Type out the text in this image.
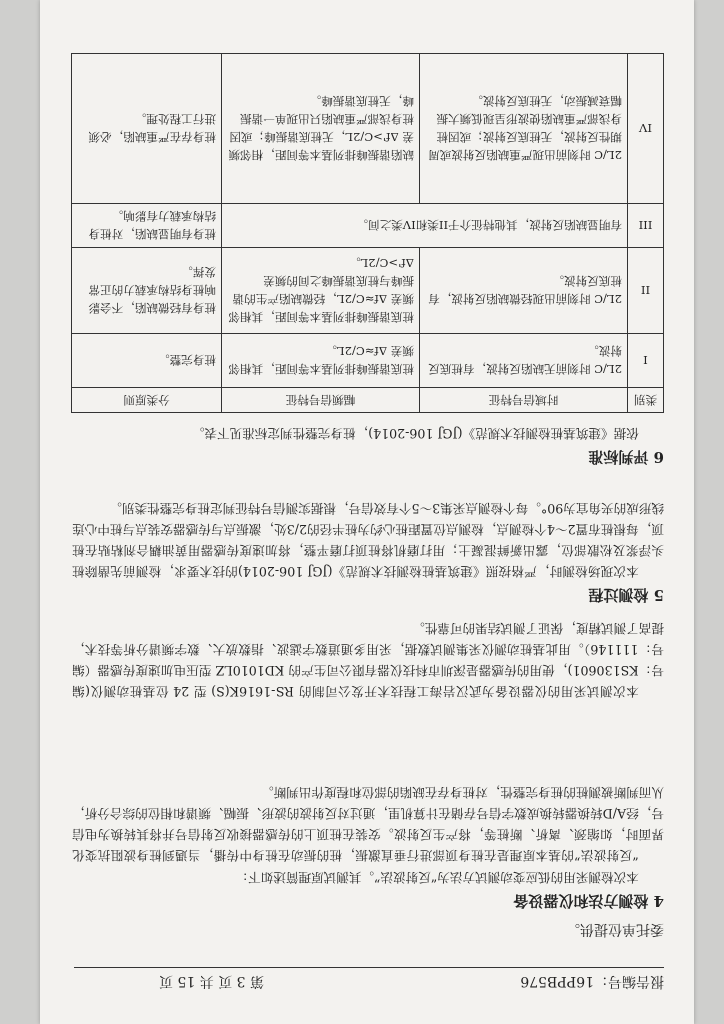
报告编号：16PPB576
第 3 页 共 15 页
委托单位提供。
4 检测方法和仪器设备
本次检测采用的低应变动测试方法为“反射波法”。其测试原理简述如下：
“反射波法”的基本原理是在桩身顶部进行垂直激振，桩的振动在桩身中传播，当遇到桩身波阻抗变化界面时，如缩颈、离析、断桩等，将产生反射波。安装在桩顶上的传感器接收反射信号并将其转换为电信号，经A/D转换器转换成数字信号存储在计算机里，通过对反射波的波形、振幅、频谱和相位的综合分析，从而判断被测桩的桩身完整性，对桩身存在缺陷的部位和程度作出判断。
本次测试采用的仪器设备为武汉岩海工程技术开发公司制的 RS-1616K(S) 型 24 位基桩动测仪(编号：KS130601)，使用的传感器是深圳市科技仪器有限公司生产的 KD1010LZ 型压电加速度传感器（编号：111146）。用此基桩动测仪采集测试数据，采用多通道数字滤波、指数放大、数字频谱分析等技术，提高了测试精度，保证了测试结果的可靠性。
5 检测过程
本次现场检测时，严格按照《建筑基桩检测技术规范》(JGJ 106-2014)的技术要求，检测前先凿除桩头浮浆及松散部位，露出新鲜混凝土；用打磨机将桩顶打磨平整，将加速度传感器用黄油耦合剂粘贴在桩顶，每根桩布置2～4个检测点，检测点位置距桩心约为桩半径的2/3处，激振点与传感器安装点与桩中心连线形成的夹角宜为90°。每个检测点采集3～5个有效信号，根据实测信号特征判定桩身完整性类别。
6 评判标准
依据《建筑基桩检测技术规范》(JGJ 106-2014)，桩身完整性判定标准见下表。
类别	时域信号特征	幅频信号特征	分类原则
I	2L/C 时刻前无缺陷反射波，有桩底反射波。	桩底谐振峰排列基本等间距，其相邻频差 Δf≈C/2L。	桩身完整。
II	2L/C 时刻前出现轻微缺陷反射波，有桩底反射波。	桩底谐振峰排列基本等间距，其相邻频差 Δf≈C/2L，轻微缺陷产生的谐振峰与桩底谐振峰之间的频差 Δf'>C/2L。	桩身有轻微缺陷，不会影响桩身结构承载力的正常发挥。
III	有明显缺陷反射波，其他特征介于II类和IV类之间。		桩身有明显缺陷，对桩身结构承载力有影响。
IV	2L/C 时刻前出现严重缺陷反射波或周期性反射波，无桩底反射波；或因桩身浅部严重缺陷使波形呈现低频大振幅衰减振动，无桩底反射波。	缺陷谐振峰排列基本等间距，相邻频差 Δf'>C/2L，无桩底谐振峰；或因桩身浅部严重缺陷只出现单一谐振峰，无桩底谐振峰。	桩身存在严重缺陷，必须进行工程处理。
